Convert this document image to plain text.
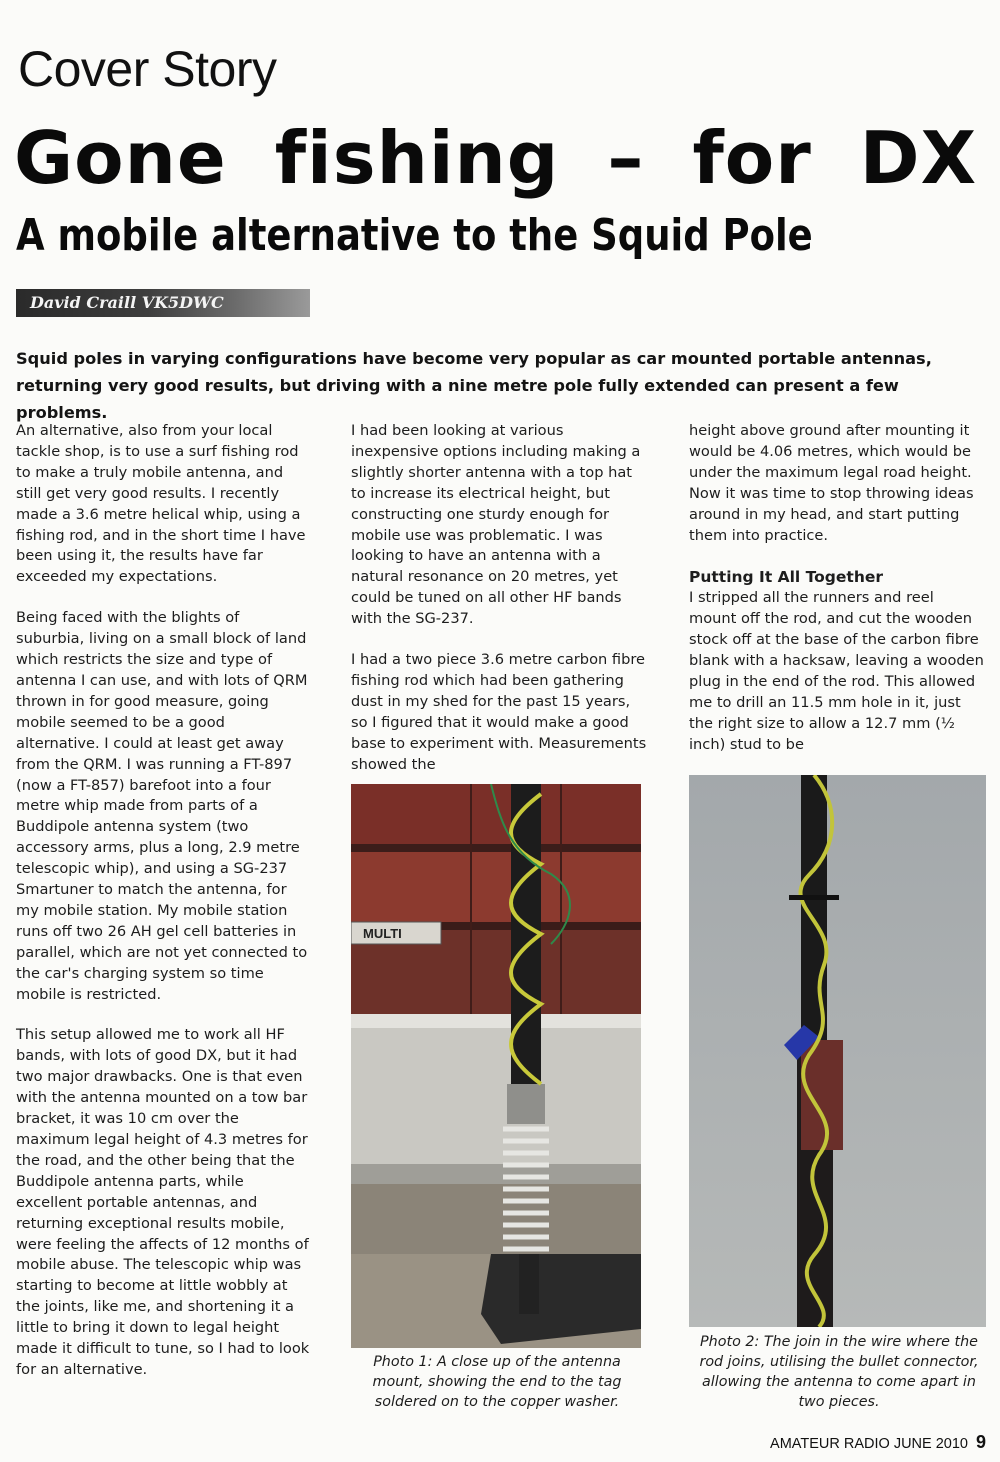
Cover Story
Gone fishing – for DX
A mobile alternative to the Squid Pole
David Craill VK5DWC
Squid poles in varying configurations have become very popular as car mounted portable antennas, returning very good results, but driving with a nine metre pole fully extended can present a few problems.

An alternative, also from your local tackle shop, is to use a surf fishing rod to make a truly mobile antenna, and still get very good results. I recently made a 3.6 metre helical whip, using a fishing rod, and in the short time I have been using it, the results have far exceeded my expectations.

Being faced with the blights of suburbia, living on a small block of land which restricts the size and type of antenna I can use, and with lots of QRM thrown in for good measure, going mobile seemed to be a good alternative. I could at least get away from the QRM. I was running a FT-897 (now a FT-857) barefoot into a four metre whip made from parts of a Buddipole antenna system (two accessory arms, plus a long, 2.9 metre telescopic whip), and using a SG-237 Smartuner to match the antenna, for my mobile station. My mobile station runs off two 26 AH gel cell batteries in parallel, which are not yet connected to the car's charging system so time mobile is restricted.

This setup allowed me to work all HF bands, with lots of good DX, but it had two major drawbacks. One is that even with the antenna mounted on a tow bar bracket, it was 10 cm over the maximum legal height of 4.3 metres for the road, and the other being that the Buddipole antenna parts, while excellent portable antennas, and returning exceptional results mobile, were feeling the affects of 12 months of mobile abuse. The telescopic whip was starting to become at little wobbly at the joints, like me, and shortening it a little to bring it down to legal height made it difficult to tune, so I had to look for an alternative.

I had been looking at various inexpensive options including making a slightly shorter antenna with a top hat to increase its electrical height, but constructing one sturdy enough for mobile use was problematic. I was looking to have an antenna with a natural resonance on 20 metres, yet could be tuned on all other HF bands with the SG-237.

I had a two piece 3.6 metre carbon fibre fishing rod which had been gathering dust in my shed for the past 15 years, so I figured that it would make a good base to experiment with. Measurements showed the

height above ground after mounting it would be 4.06 metres, which would be under the maximum legal road height. Now it was time to stop throwing ideas around in my head, and start putting them into practice.

Putting It All Together

I stripped all the runners and reel mount off the rod, and cut the wooden stock off at the base of the carbon fibre blank with a hacksaw, leaving a wooden plug in the end of the rod. This allowed me to drill an 11.5 mm hole in it, just the right size to allow a 12.7 mm (½ inch) stud to be

MULTI
Photo 1: A close up of the antenna mount, showing the end to the tag soldered on to the copper washer.
Photo 2: The join in the wire where the rod joins, utilising the bullet connector, allowing the antenna to come apart in two pieces.
AMATEUR RADIO JUNE 2010 9
